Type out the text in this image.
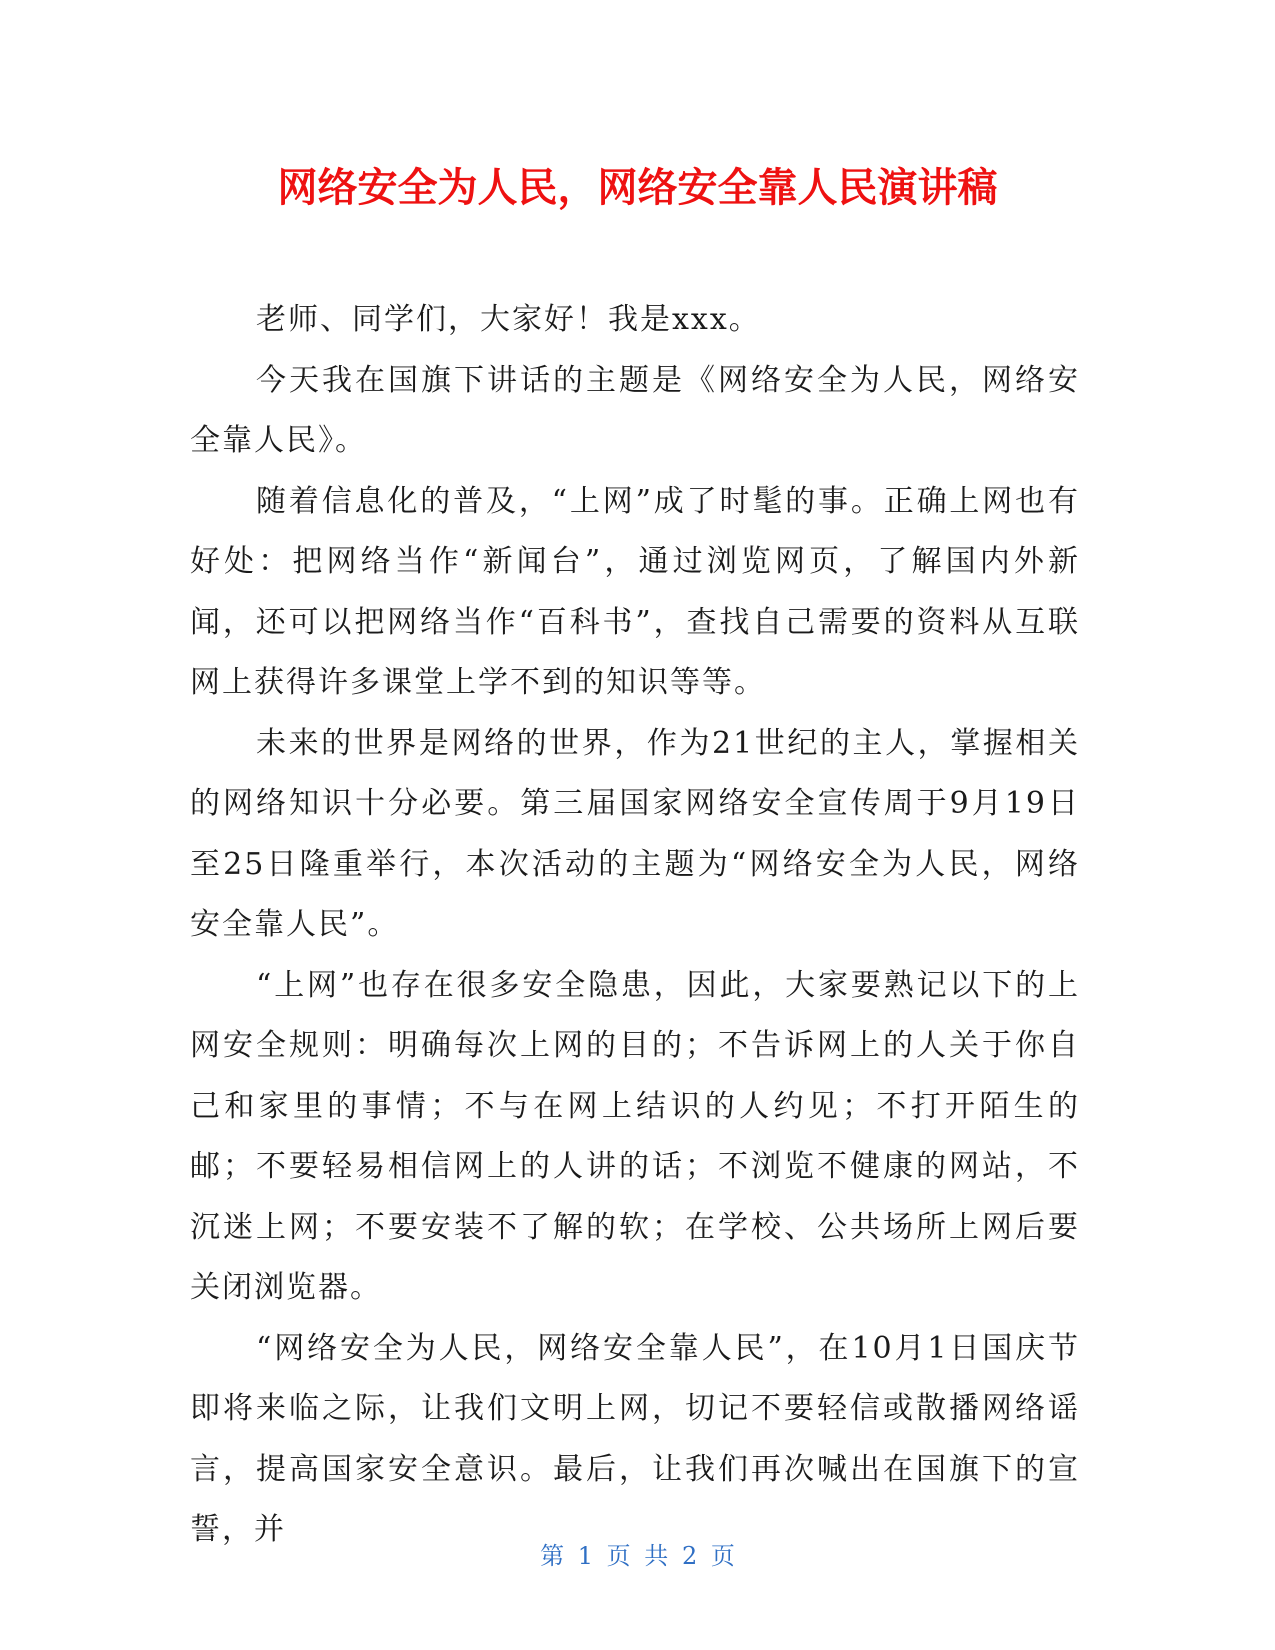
网络安全为人民，网络安全靠人民演讲稿

老师、同学们，大家好！我是xxx。

今天我在国旗下讲话的主题是《网络安全为人民，网络安全靠人民》。

随着信息化的普及，“上网”成了时髦的事。正确上网也有好处：把网络当作“新闻台”，通过浏览网页，了解国内外新闻，还可以把网络当作“百科书”，查找自己需要的资料从互联网上获得许多课堂上学不到的知识等等。

未来的世界是网络的世界，作为21世纪的主人，掌握相关的网络知识十分必要。第三届国家网络安全宣传周于9月19日至25日隆重举行，本次活动的主题为“网络安全为人民，网络安全靠人民”。

“上网”也存在很多安全隐患，因此，大家要熟记以下的上网安全规则：明确每次上网的目的；不告诉网上的人关于你自己和家里的事情；不与在网上结识的人约见；不打开陌生的邮；不要轻易相信网上的人讲的话；不浏览不健康的网站，不沉迷上网；不要安装不了解的软；在学校、公共场所上网后要关闭浏览器。

“网络安全为人民，网络安全靠人民”，在10月1日国庆节即将来临之际，让我们文明上网，切记不要轻信或散播网络谣言，提高国家安全意识。最后，让我们再次喊出在国旗下的宣誓，并

第 1 页 共 2 页
